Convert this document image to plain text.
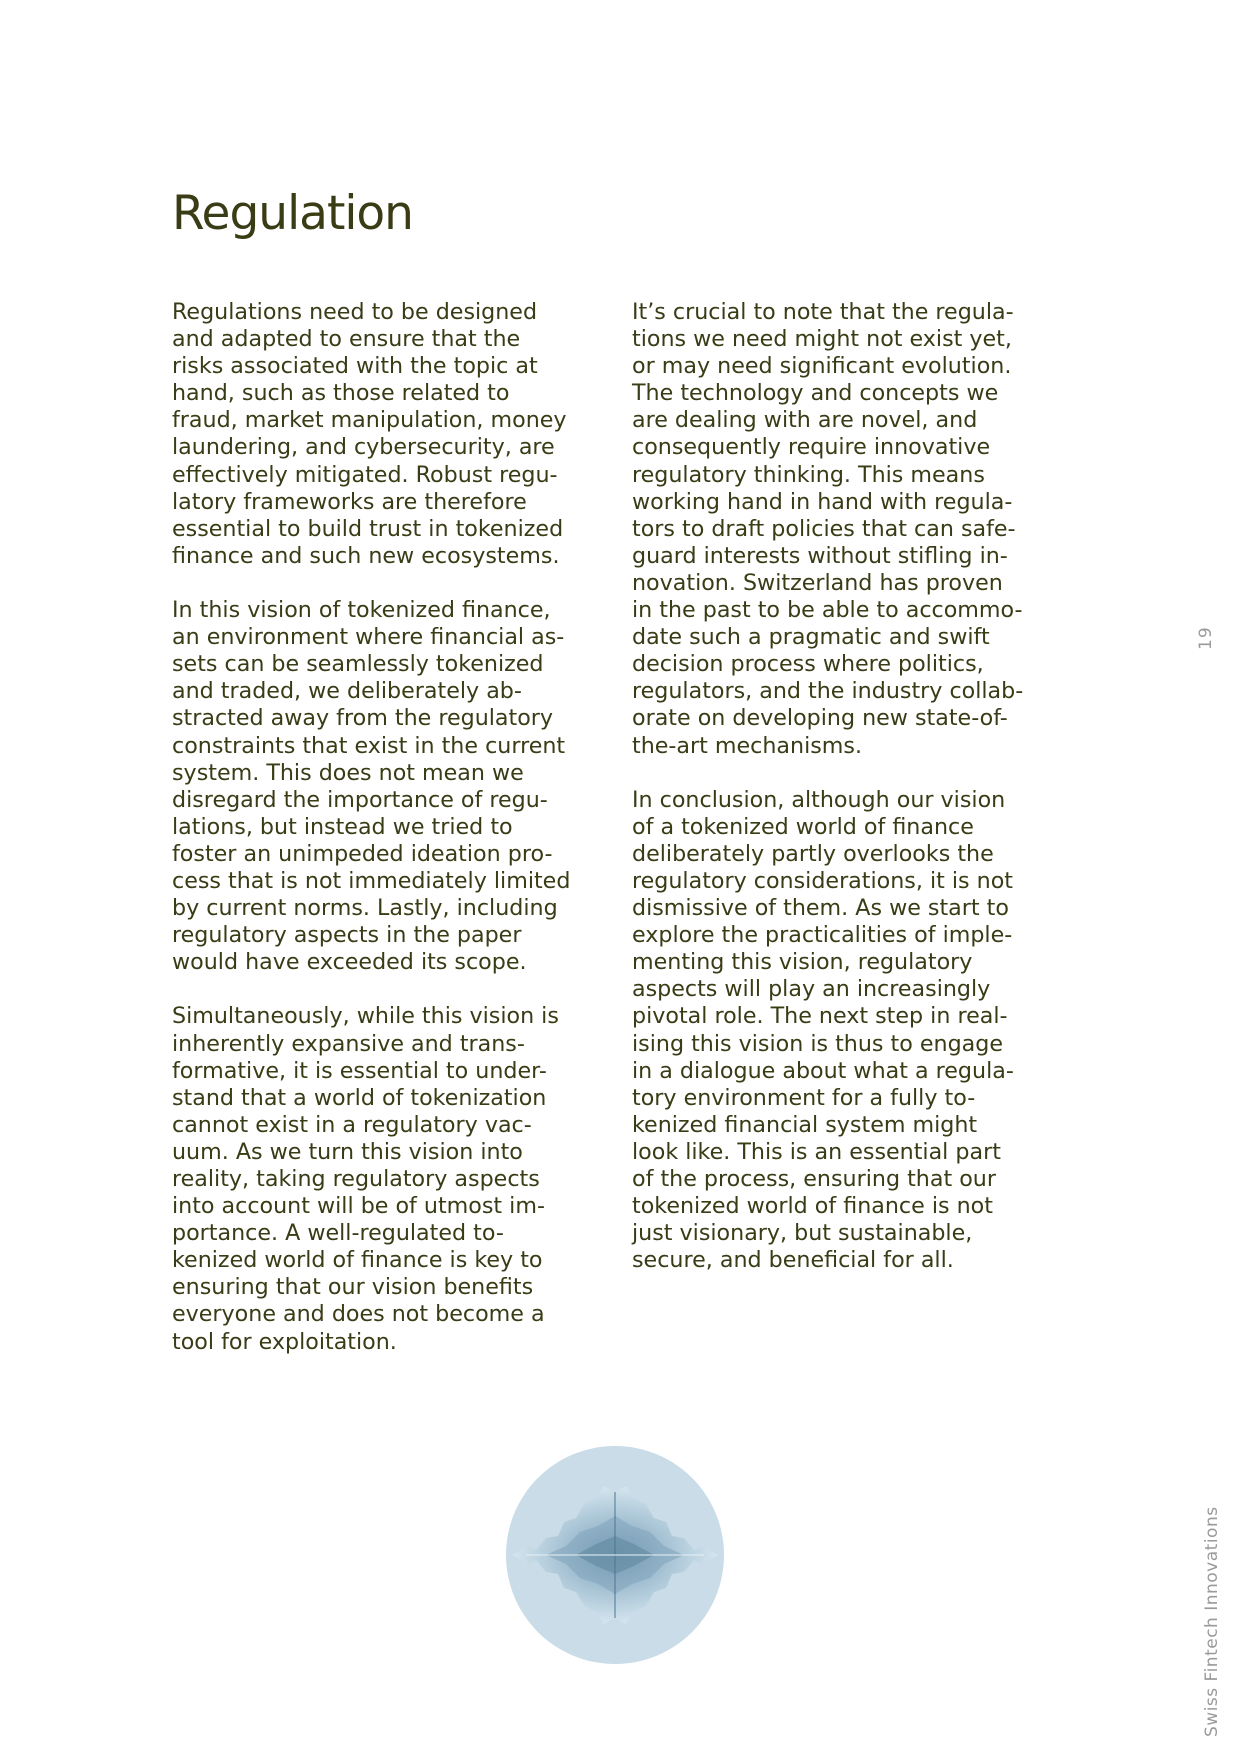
Regulation

Regulations need to be designed
and adapted to ensure that the
risks associated with the topic at
hand, such as those related to
fraud, market manipulation, money
laundering, and cybersecurity, are
effectively mitigated. Robust regu-
latory frameworks are therefore
essential to build trust in tokenized
finance and such new ecosystems.

In this vision of tokenized finance,
an environment where financial as-
sets can be seamlessly tokenized
and traded, we deliberately ab-
stracted away from the regulatory
constraints that exist in the current
system. This does not mean we
disregard the importance of regu-
lations, but instead we tried to
foster an unimpeded ideation pro-
cess that is not immediately limited
by current norms. Lastly, including
regulatory aspects in the paper
would have exceeded its scope.

Simultaneously, while this vision is
inherently expansive and trans-
formative, it is essential to under-
stand that a world of tokenization
cannot exist in a regulatory vac-
uum. As we turn this vision into
reality, taking regulatory aspects
into account will be of utmost im-
portance. A well-regulated to-
kenized world of finance is key to
ensuring that our vision benefits
everyone and does not become a
tool for exploitation.

It’s crucial to note that the regula-
tions we need might not exist yet,
or may need significant evolution.
The technology and concepts we
are dealing with are novel, and
consequently require innovative
regulatory thinking. This means
working hand in hand with regula-
tors to draft policies that can safe-
guard interests without stifling in-
novation. Switzerland has proven
in the past to be able to accommo-
date such a pragmatic and swift
decision process where politics,
regulators, and the industry collab-
orate on developing new state-of-
the-art mechanisms.

In conclusion, although our vision
of a tokenized world of finance
deliberately partly overlooks the
regulatory considerations, it is not
dismissive of them. As we start to
explore the practicalities of imple-
menting this vision, regulatory
aspects will play an increasingly
pivotal role. The next step in real-
ising this vision is thus to engage
in a dialogue about what a regula-
tory environment for a fully to-
kenized financial system might
look like. This is an essential part
of the process, ensuring that our
tokenized world of finance is not
just visionary, but sustainable,
secure, and beneficial for all.

19
Swiss Fintech Innovations
